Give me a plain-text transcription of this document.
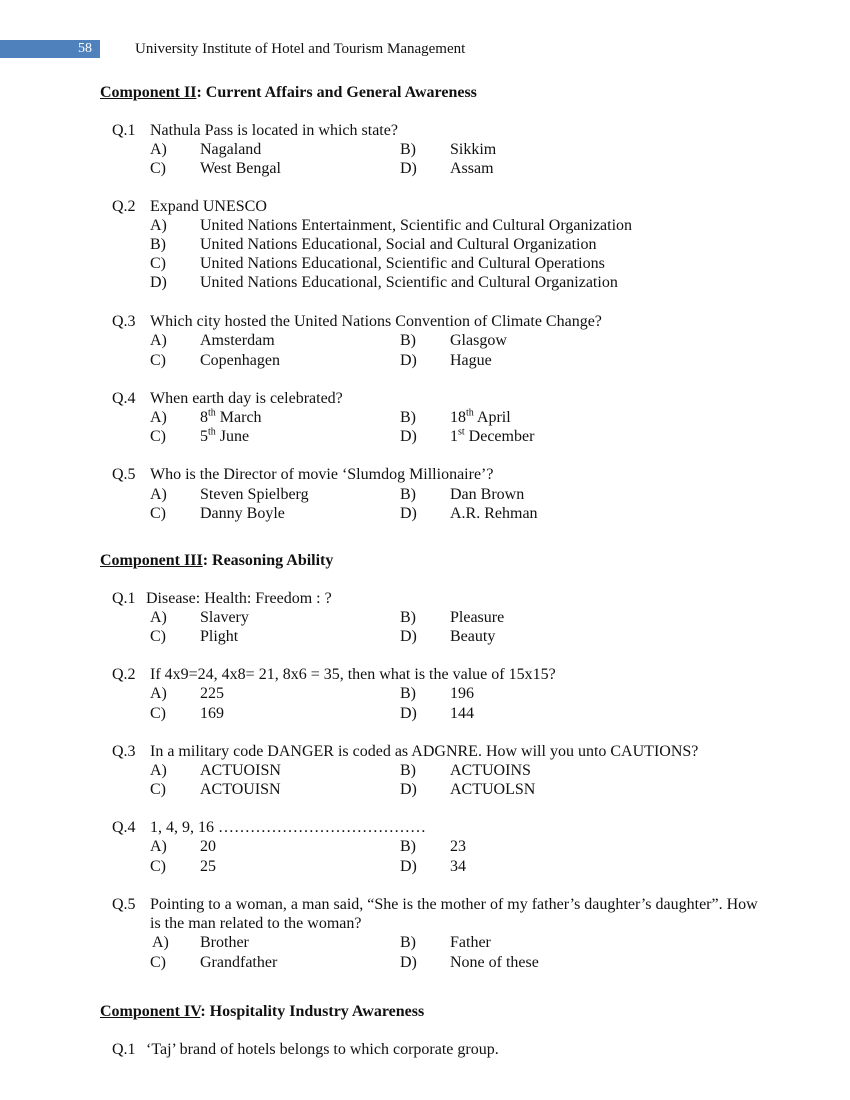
58	University Institute of Hotel and Tourism Management
Component II: Current Affairs and General Awareness
Q.1 Nathula Pass is located in which state?
A) Nagaland	B) Sikkim
C) West Bengal	D) Assam
Q.2 Expand UNESCO
A) United Nations Entertainment, Scientific and Cultural Organization
B) United Nations Educational, Social and Cultural Organization
C) United Nations Educational, Scientific and Cultural Operations
D) United Nations Educational, Scientific and Cultural Organization
Q.3 Which city hosted the United Nations Convention of Climate Change?
A) Amsterdam	B) Glasgow
C) Copenhagen	D) Hague
Q.4 When earth day is celebrated?
A) 8th March	B) 18th April
C) 5th June	D) 1st December
Q.5 Who is the Director of movie ‘Slumdog Millionaire’?
A) Steven Spielberg	B) Dan Brown
C) Danny Boyle	D) A.R. Rehman
Component III: Reasoning Ability
Q.1 Disease: Health: Freedom : ?
A) Slavery	B) Pleasure
C) Plight	D) Beauty
Q.2 If 4x9=24, 4x8= 21, 8x6 = 35, then what is the value of 15x15?
A) 225	B) 196
C) 169	D) 144
Q.3 In a military code DANGER is coded as ADGNRE. How will you unto CAUTIONS?
A) ACTUOISN	B) ACTUOINS
C) ACTOUISN	D) ACTUOLSN
Q.4 1, 4, 9, 16 …………………………………
A) 20	B) 23
C) 25	D) 34
Q.5 Pointing to a woman, a man said, “She is the mother of my father’s daughter’s daughter”. How
is the man related to the woman?
A) Brother	B) Father
C) Grandfather	D) None of these
Component IV: Hospitality Industry Awareness
Q.1 ‘Taj’ brand of hotels belongs to which corporate group.
